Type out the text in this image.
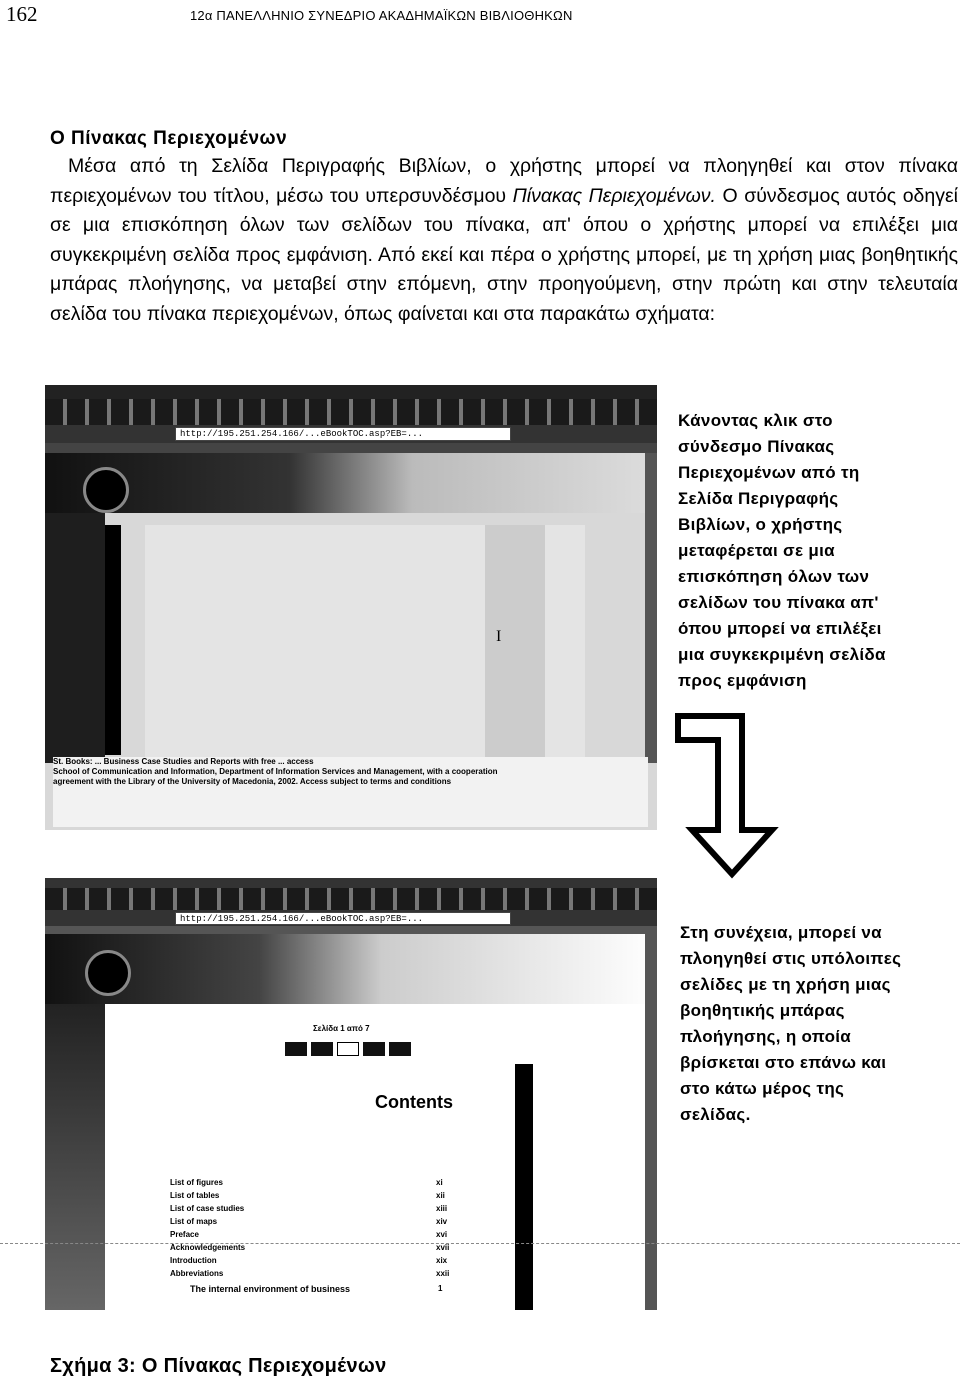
162	12α ΠΑΝΕΛΛΗΝΙΟ ΣΥΝΕΔΡΙΟ ΑΚΑΔΗΜΑΪΚΩΝ ΒΙΒΛΙΟΘΗΚΩΝ
Ο Πίνακας Περιεχομένων

Μέσα από τη Σελίδα Περιγραφής Βιβλίων, ο χρήστης μπορεί να πλοηγηθεί και στον πίνακα περιεχομένων του τίτλου, μέσω του υπερσυνδέσμου Πίνακας Περιεχομένων. Ο σύνδεσμος αυτός οδηγεί σε μια επισκόπηση όλων των σελίδων του πίνακα, απ' όπου ο χρήστης μπορεί να επιλέξει μια συγκεκριμένη σελίδα προς εμφάνιση. Από εκεί και πέρα ο χρήστης μπορεί, με τη χρήση μιας βοηθητικής μπάρας πλοήγησης, να μεταβεί στην επόμενη, στην προηγούμενη, στην πρώτη και στην τελευταία σελίδα του πίνακα περιεχομένων, όπως φαίνεται και στα παρακάτω σχήματα:

http://195.251.254.166/...eBookTOC.asp?EB=...
I
St. Books: ... Business Case Studies and Reports with free ... access
School of Communication and Information, Department of Information Services and Management, with a cooperation
agreement with the Library of the University of Macedonia, 2002. Access subject to terms and conditions
Κάνοντας κλικ στο σύνδεσμο Πίνακας Περιεχομένων από τη Σελίδα Περιγραφής Βιβλίων, ο χρήστης μεταφέρεται σε μια επισκόπηση όλων των σελίδων του πίνακα απ' όπου μπορεί να επιλέξει μια συγκεκριμένη σελίδα προς εμφάνιση
http://195.251.254.166/...eBookTOC.asp?EB=...
Σελίδα 1 από 7
Contents
List of figures	xi
List of tables	xii
List of case studies	xiii
List of maps	xiv
Preface	xvi
Acknowledgements	xvii
Introduction	xix
Abbreviations	xxii
The internal environment of business	1
Στη συνέχεια, μπορεί να πλοηγηθεί στις υπόλοιπες σελίδες με τη χρήση μιας βοηθητικής μπάρας πλοήγησης, η οποία βρίσκεται στο επάνω και στο κάτω μέρος της σελίδας.
Σχήμα 3: Ο Πίνακας Περιεχομένων
